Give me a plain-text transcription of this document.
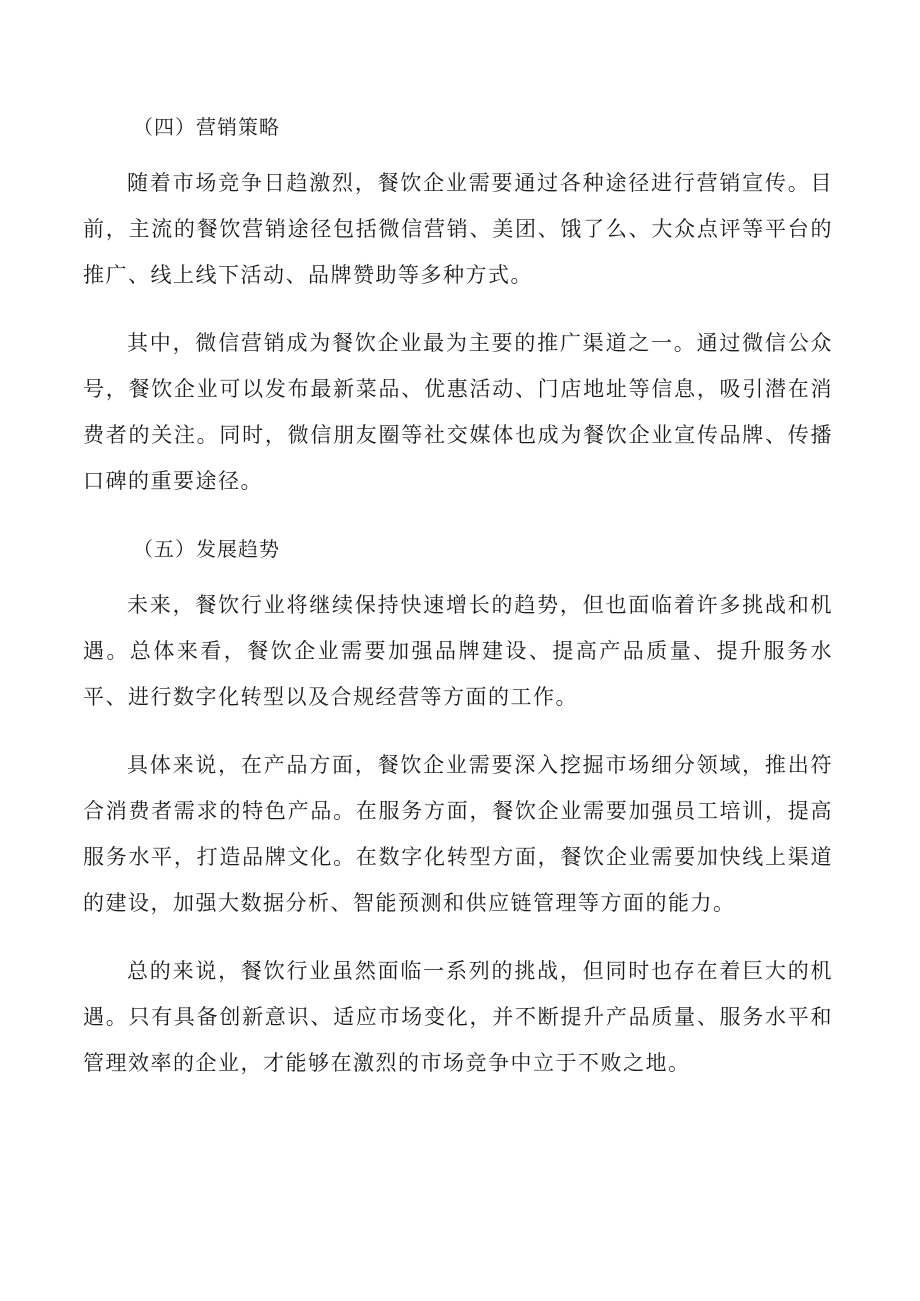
（四）营销策略

随着市场竞争日趋激烈，餐饮企业需要通过各种途径进行营销宣传。目前，主流的餐饮营销途径包括微信营销、美团、饿了么、大众点评等平台的推广、线上线下活动、品牌赞助等多种方式。

其中，微信营销成为餐饮企业最为主要的推广渠道之一。通过微信公众号，餐饮企业可以发布最新菜品、优惠活动、门店地址等信息，吸引潜在消费者的关注。同时，微信朋友圈等社交媒体也成为餐饮企业宣传品牌、传播口碑的重要途径。

（五）发展趋势

未来，餐饮行业将继续保持快速增长的趋势，但也面临着许多挑战和机遇。总体来看，餐饮企业需要加强品牌建设、提高产品质量、提升服务水平、进行数字化转型以及合规经营等方面的工作。

具体来说，在产品方面，餐饮企业需要深入挖掘市场细分领域，推出符合消费者需求的特色产品。在服务方面，餐饮企业需要加强员工培训，提高服务水平，打造品牌文化。在数字化转型方面，餐饮企业需要加快线上渠道的建设，加强大数据分析、智能预测和供应链管理等方面的能力。

总的来说，餐饮行业虽然面临一系列的挑战，但同时也存在着巨大的机遇。只有具备创新意识、适应市场变化，并不断提升产品质量、服务水平和管理效率的企业，才能够在激烈的市场竞争中立于不败之地。
